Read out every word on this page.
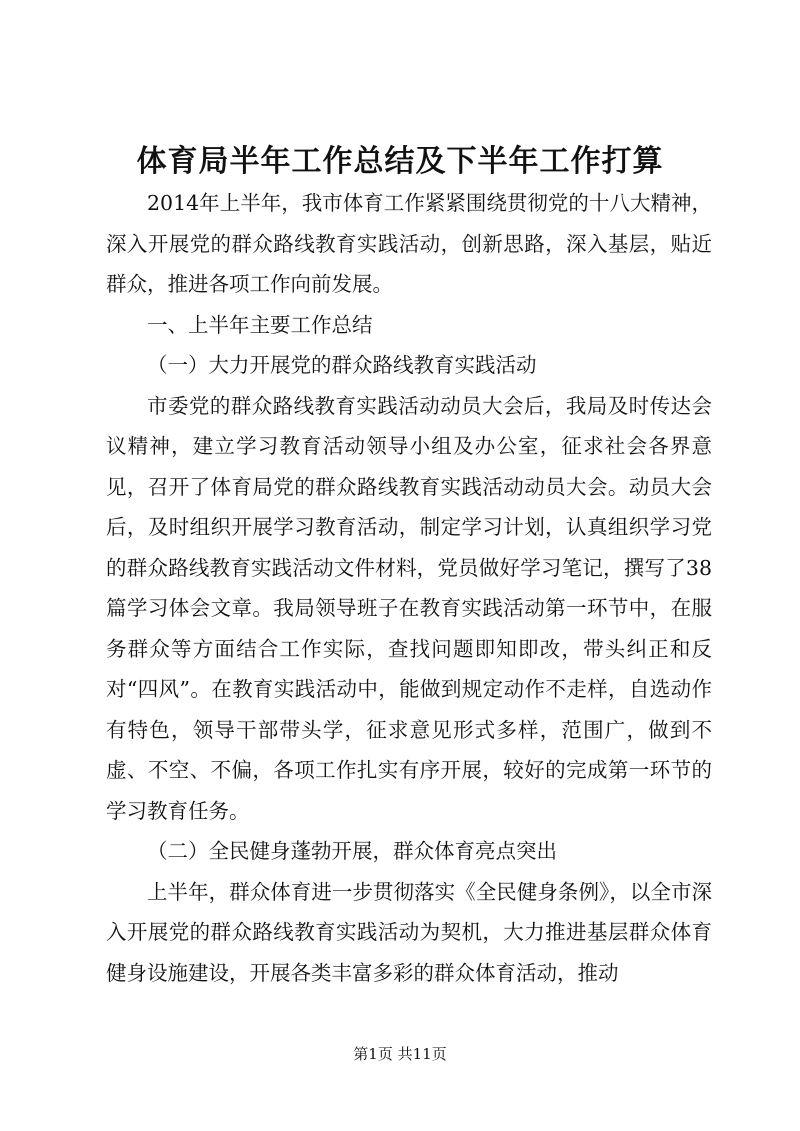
体育局半年工作总结及下半年工作打算

2014年上半年，我市体育工作紧紧围绕贯彻党的十八大精神，深入开展党的群众路线教育实践活动，创新思路，深入基层，贴近群众，推进各项工作向前发展。

一、上半年主要工作总结

（一）大力开展党的群众路线教育实践活动

市委党的群众路线教育实践活动动员大会后，我局及时传达会议精神，建立学习教育活动领导小组及办公室，征求社会各界意见，召开了体育局党的群众路线教育实践活动动员大会。动员大会后，及时组织开展学习教育活动，制定学习计划，认真组织学习党的群众路线教育实践活动文件材料，党员做好学习笔记，撰写了38篇学习体会文章。我局领导班子在教育实践活动第一环节中，在服务群众等方面结合工作实际，查找问题即知即改，带头纠正和反对“四风”。在教育实践活动中，能做到规定动作不走样，自选动作有特色，领导干部带头学，征求意见形式多样，范围广，做到不虚、不空、不偏，各项工作扎实有序开展，较好的完成第一环节的学习教育任务。

（二）全民健身蓬勃开展，群众体育亮点突出

上半年，群众体育进一步贯彻落实《全民健身条例》，以全市深入开展党的群众路线教育实践活动为契机，大力推进基层群众体育健身设施建设，开展各类丰富多彩的群众体育活动，推动

第1页 共11页
